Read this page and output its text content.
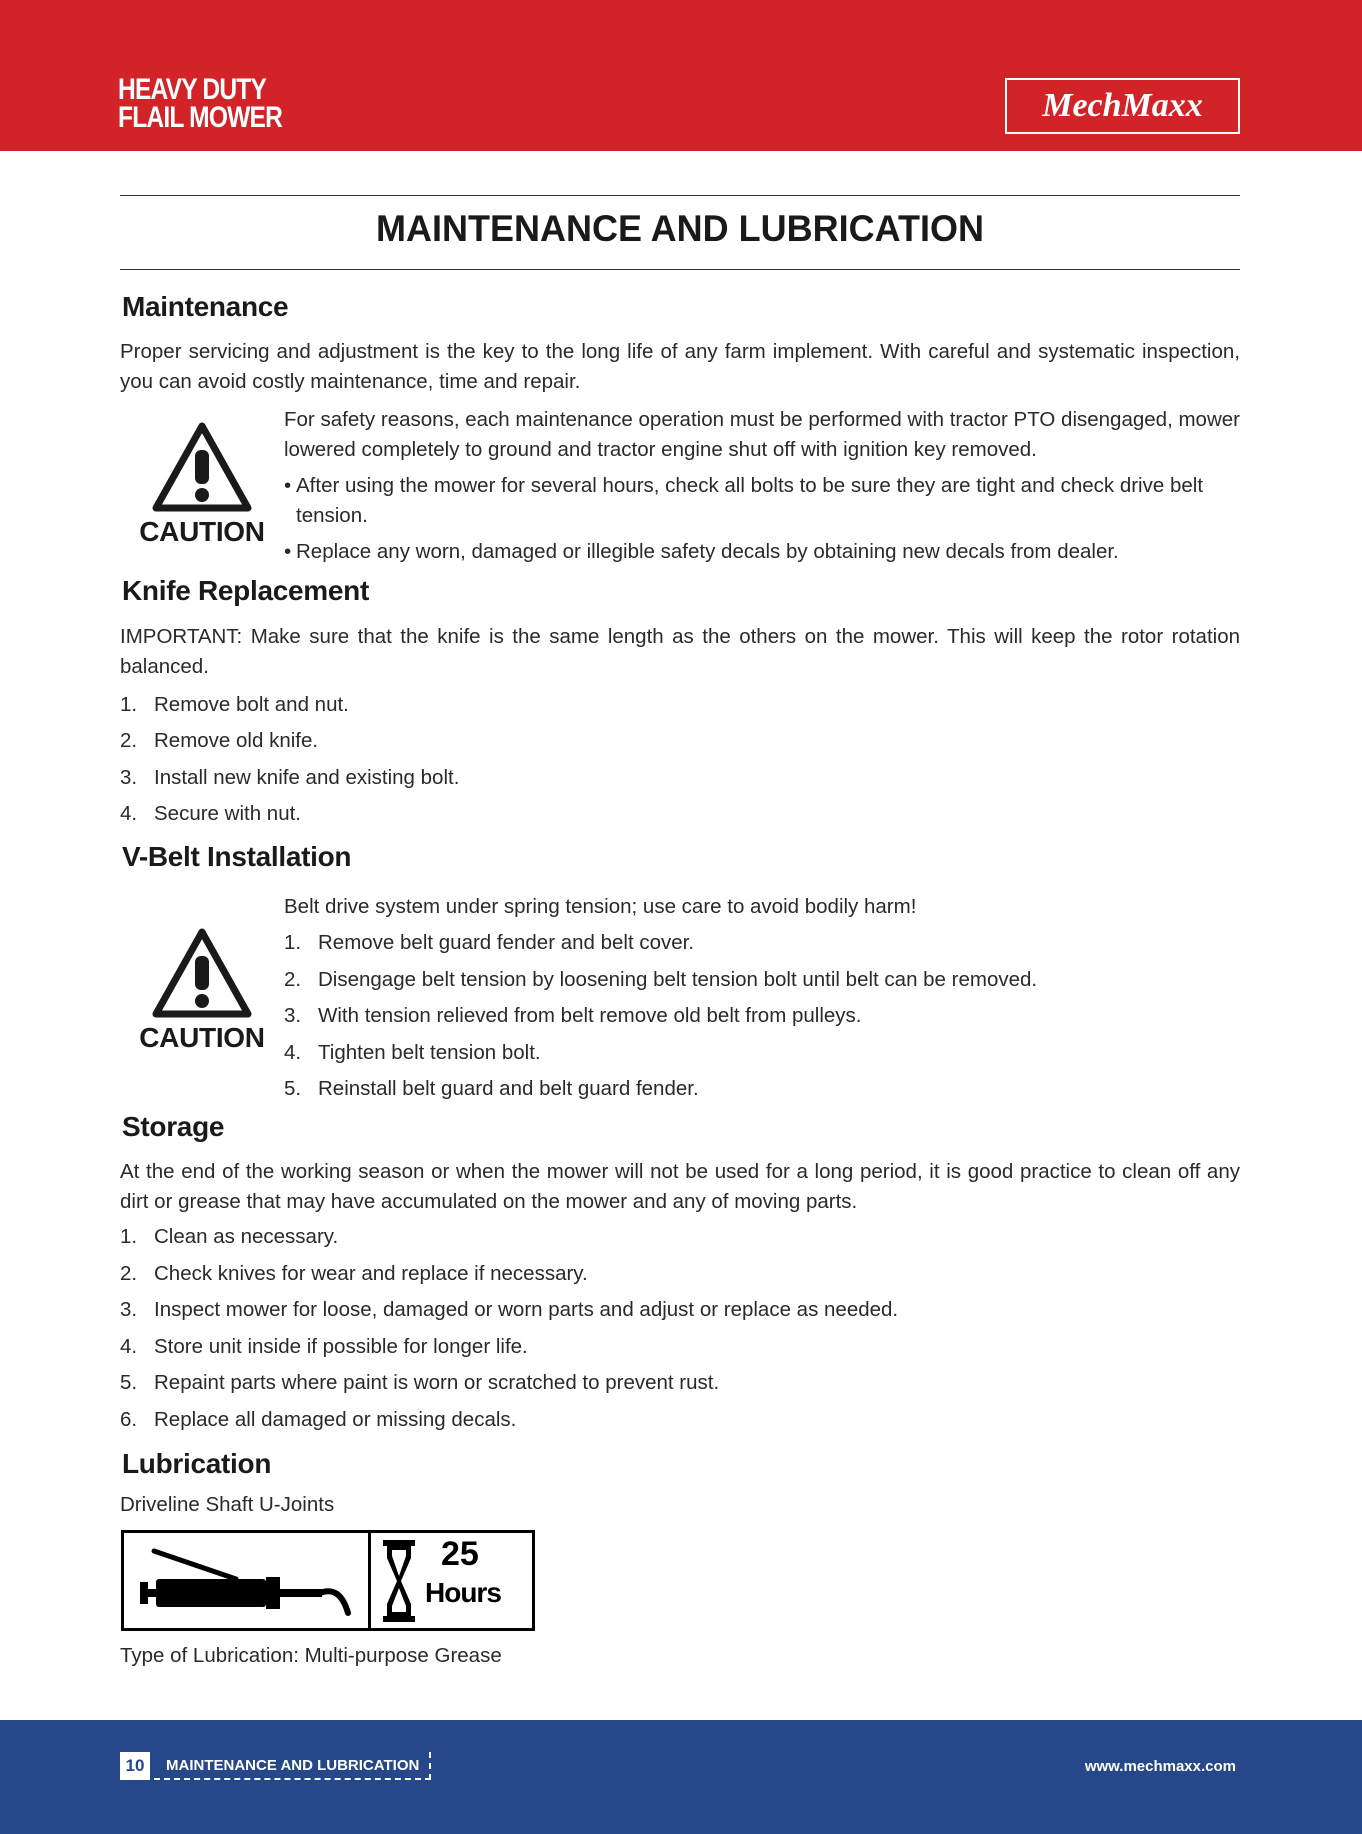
HEAVY DUTY
FLAIL MOWER	MechMaxx
MAINTENANCE AND LUBRICATION
Maintenance
Proper servicing and adjustment is the key to the long life of any farm implement. With careful and systematic inspection, you can avoid costly maintenance, time and repair.
CAUTION
For safety reasons, each maintenance operation must be performed with tractor PTO disengaged, mower lowered completely to ground and tractor engine shut off with ignition key removed.
• After using the mower for several hours, check all bolts to be sure they are tight and check drive belt tension.
• Replace any worn, damaged or illegible safety decals by obtaining new decals from dealer.
Knife Replacement
IMPORTANT: Make sure that the knife is the same length as the others on the mower. This will keep the rotor rotation balanced.
1. Remove bolt and nut.
2. Remove old knife.
3. Install new knife and existing bolt.
4. Secure with nut.
V-Belt Installation
CAUTION
Belt drive system under spring tension; use care to avoid bodily harm!
1. Remove belt guard fender and belt cover.
2. Disengage belt tension by loosening belt tension bolt until belt can be removed.
3. With tension relieved from belt remove old belt from pulleys.
4. Tighten belt tension bolt.
5. Reinstall belt guard and belt guard fender.
Storage
At the end of the working season or when the mower will not be used for a long period, it is good practice to clean off any dirt or grease that may have accumulated on the mower and any of moving parts.
1. Clean as necessary.
2. Check knives for wear and replace if necessary.
3. Inspect mower for loose, damaged or worn parts and adjust or replace as needed.
4. Store unit inside if possible for longer life.
5. Repaint parts where paint is worn or scratched to prevent rust.
6. Replace all damaged or missing decals.
Lubrication
Driveline Shaft U-Joints
25
Hours
Type of Lubrication: Multi-purpose Grease
10	MAINTENANCE AND LUBRICATION	www.mechmaxx.com
